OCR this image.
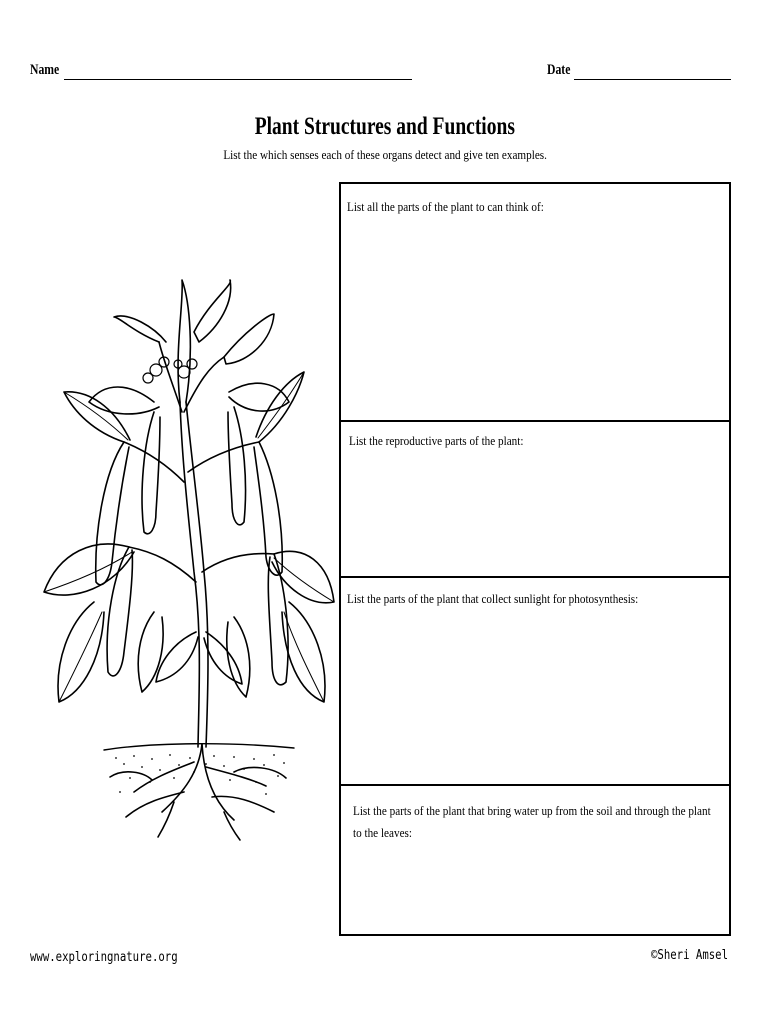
Name	Date
Plant Structures and Functions
List the which senses each of these organs detect and give ten examples.
List all the parts of the plant to can think of:
List the reproductive parts of the plant:
List the parts of the plant that collect sunlight for photosynthesis:
List the parts of the plant that bring water up from the soil and through the plant to the leaves:
www.exploringnature.org	©Sheri Amsel
